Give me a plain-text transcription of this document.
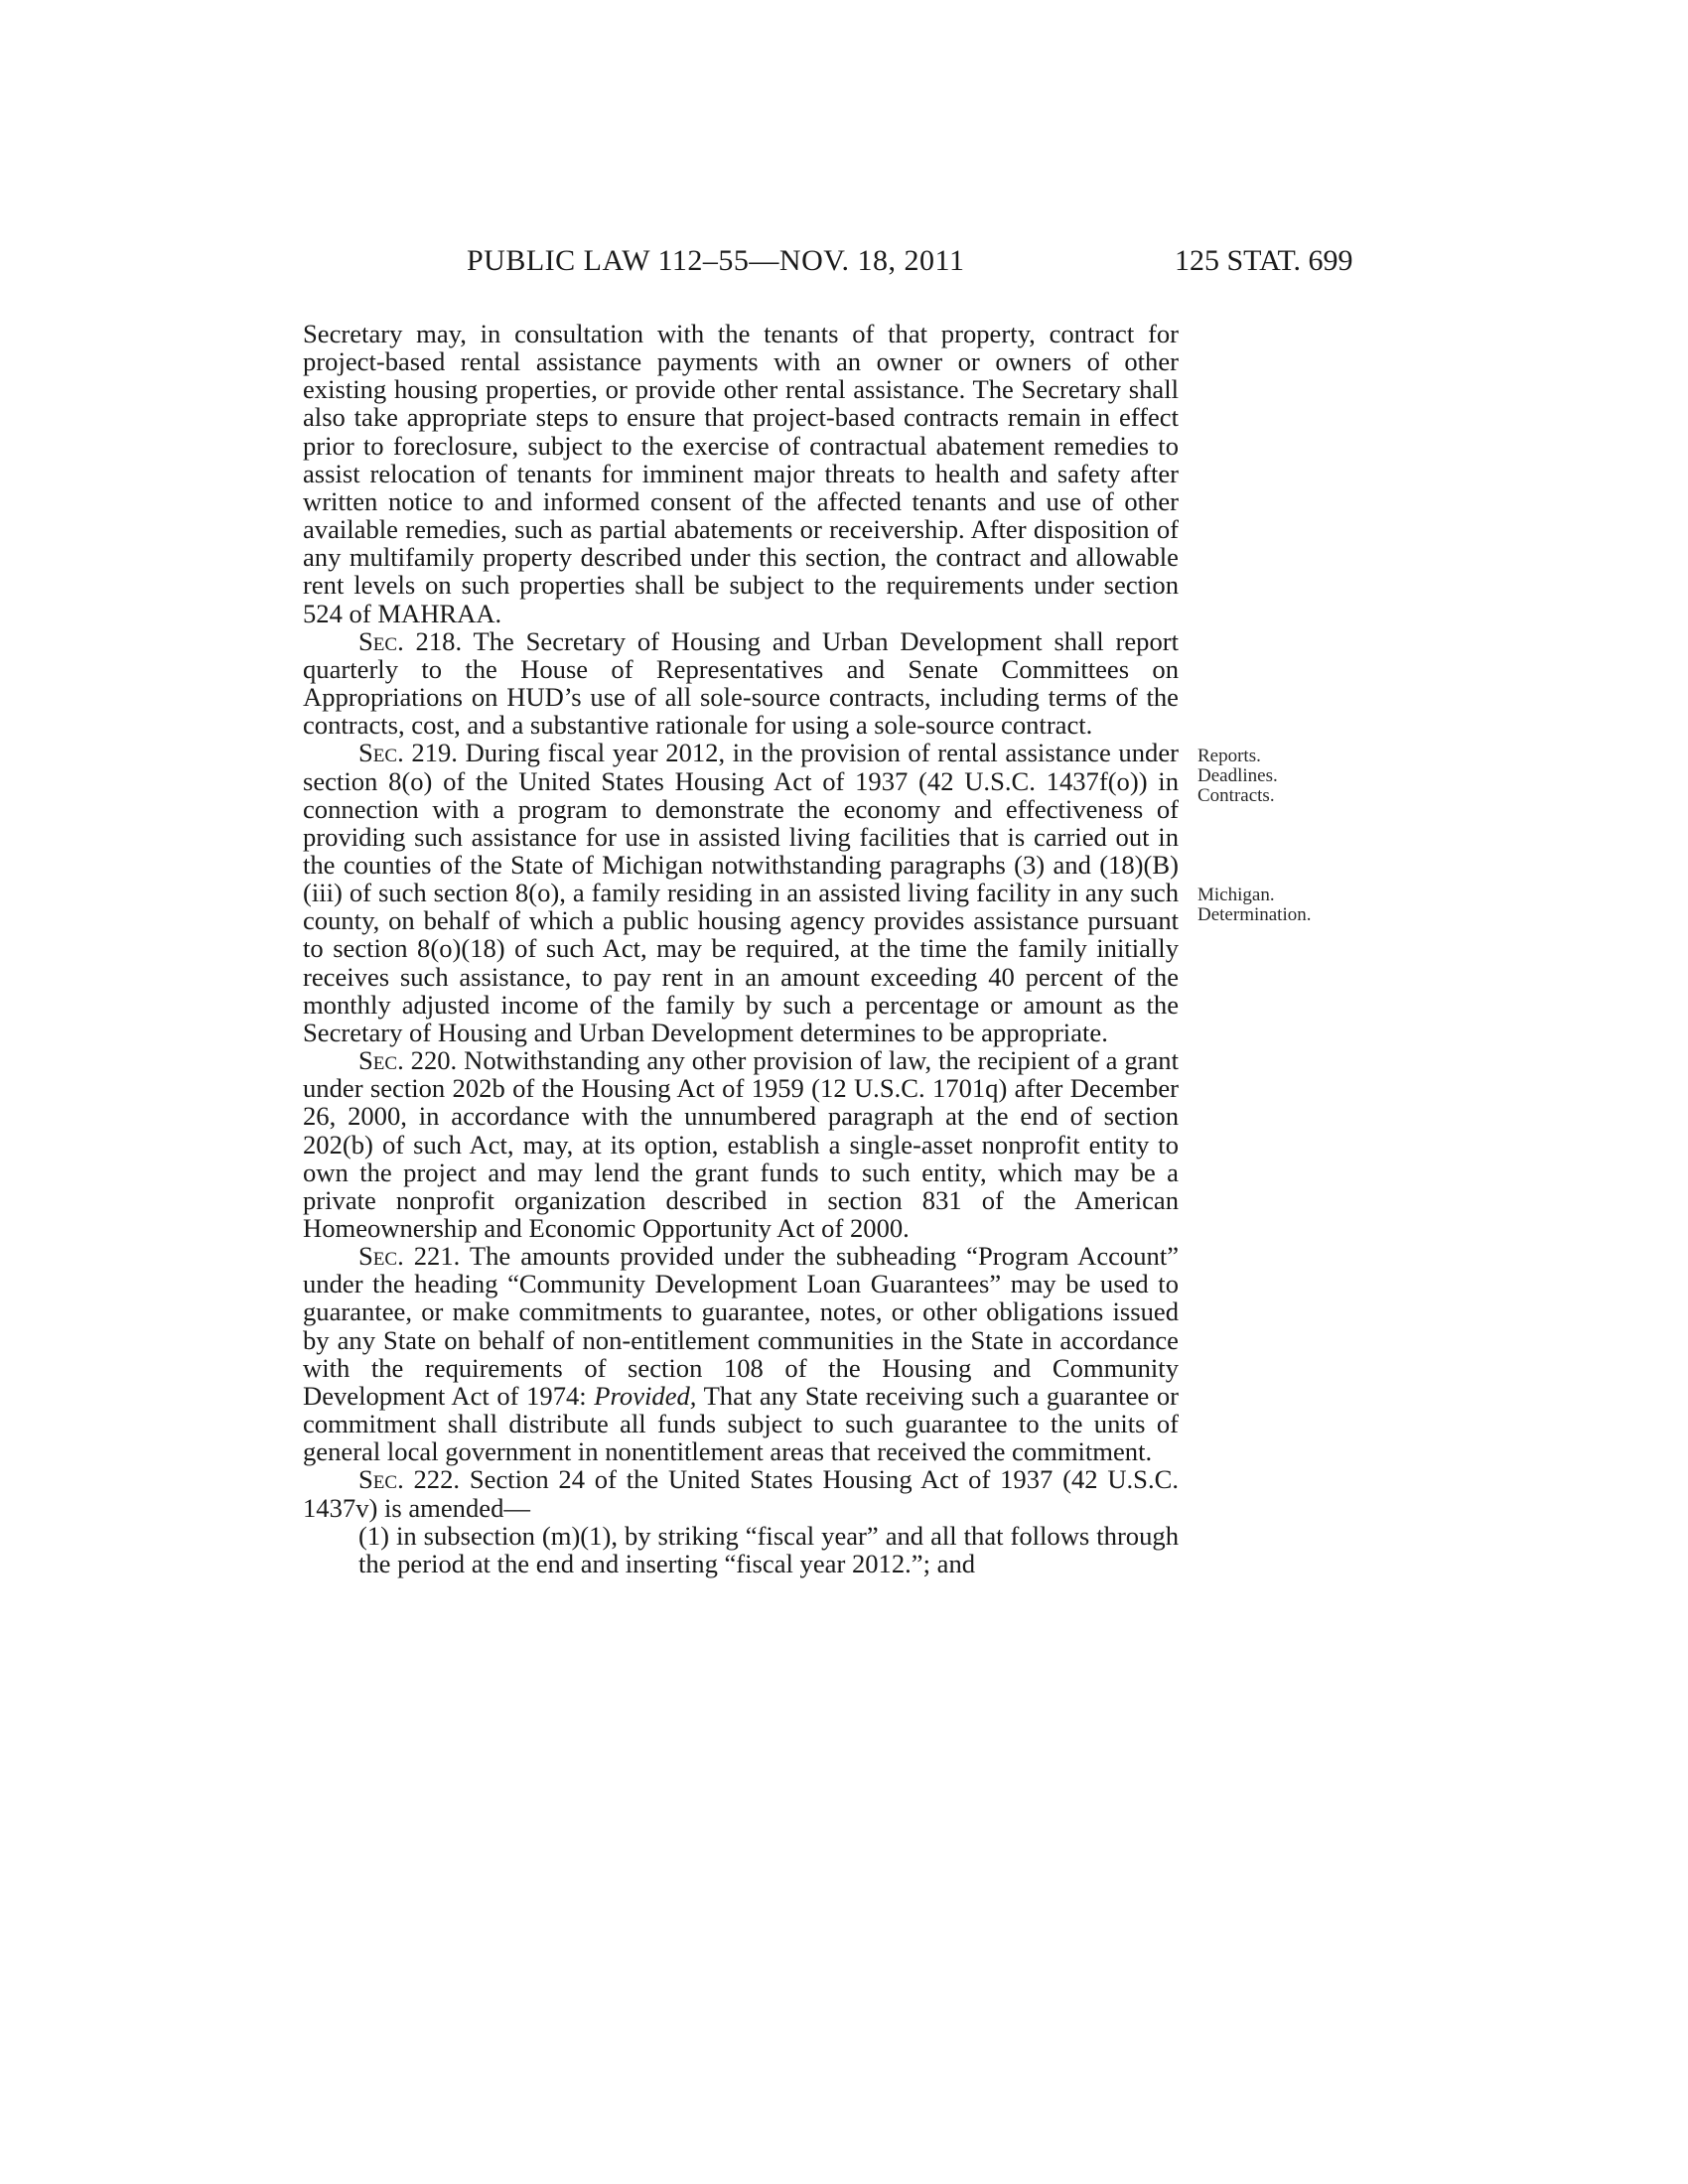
PUBLIC LAW 112–55—NOV. 18, 2011	125 STAT. 699

Secretary may, in consultation with the tenants of that property, contract for project-based rental assistance payments with an owner or owners of other existing housing properties, or provide other rental assistance. The Secretary shall also take appropriate steps to ensure that project-based contracts remain in effect prior to foreclosure, subject to the exercise of contractual abatement remedies to assist relocation of tenants for imminent major threats to health and safety after written notice to and informed consent of the affected tenants and use of other available remedies, such as partial abatements or receivership. After disposition of any multifamily property described under this section, the contract and allowable rent levels on such properties shall be subject to the requirements under section 524 of MAHRAA.

Sec. 218. The Secretary of Housing and Urban Development shall report quarterly to the House of Representatives and Senate Committees on Appropriations on HUD’s use of all sole-source contracts, including terms of the contracts, cost, and a substantive rationale for using a sole-source contract.

Sec. 219. During fiscal year 2012, in the provision of rental assistance under section 8(o) of the United States Housing Act of 1937 (42 U.S.C. 1437f(o)) in connection with a program to demonstrate the economy and effectiveness of providing such assistance for use in assisted living facilities that is carried out in the counties of the State of Michigan notwithstanding paragraphs (3) and (18)(B)(iii) of such section 8(o), a family residing in an assisted living facility in any such county, on behalf of which a public housing agency provides assistance pursuant to section 8(o)(18) of such Act, may be required, at the time the family initially receives such assistance, to pay rent in an amount exceeding 40 percent of the monthly adjusted income of the family by such a percentage or amount as the Secretary of Housing and Urban Development determines to be appropriate.

Sec. 220. Notwithstanding any other provision of law, the recipient of a grant under section 202b of the Housing Act of 1959 (12 U.S.C. 1701q) after December 26, 2000, in accordance with the unnumbered paragraph at the end of section 202(b) of such Act, may, at its option, establish a single-asset nonprofit entity to own the project and may lend the grant funds to such entity, which may be a private nonprofit organization described in section 831 of the American Homeownership and Economic Opportunity Act of 2000.

Sec. 221. The amounts provided under the subheading “Program Account” under the heading “Community Development Loan Guarantees” may be used to guarantee, or make commitments to guarantee, notes, or other obligations issued by any State on behalf of non-entitlement communities in the State in accordance with the requirements of section 108 of the Housing and Community Development Act of 1974: Provided, That any State receiving such a guarantee or commitment shall distribute all funds subject to such guarantee to the units of general local government in nonentitlement areas that received the commitment.

Sec. 222. Section 24 of the United States Housing Act of 1937 (42 U.S.C. 1437v) is amended—

(1) in subsection (m)(1), by striking “fiscal year” and all that follows through the period at the end and inserting “fiscal year 2012.”; and

Reports.
Deadlines.
Contracts.
Michigan.
Determination.
